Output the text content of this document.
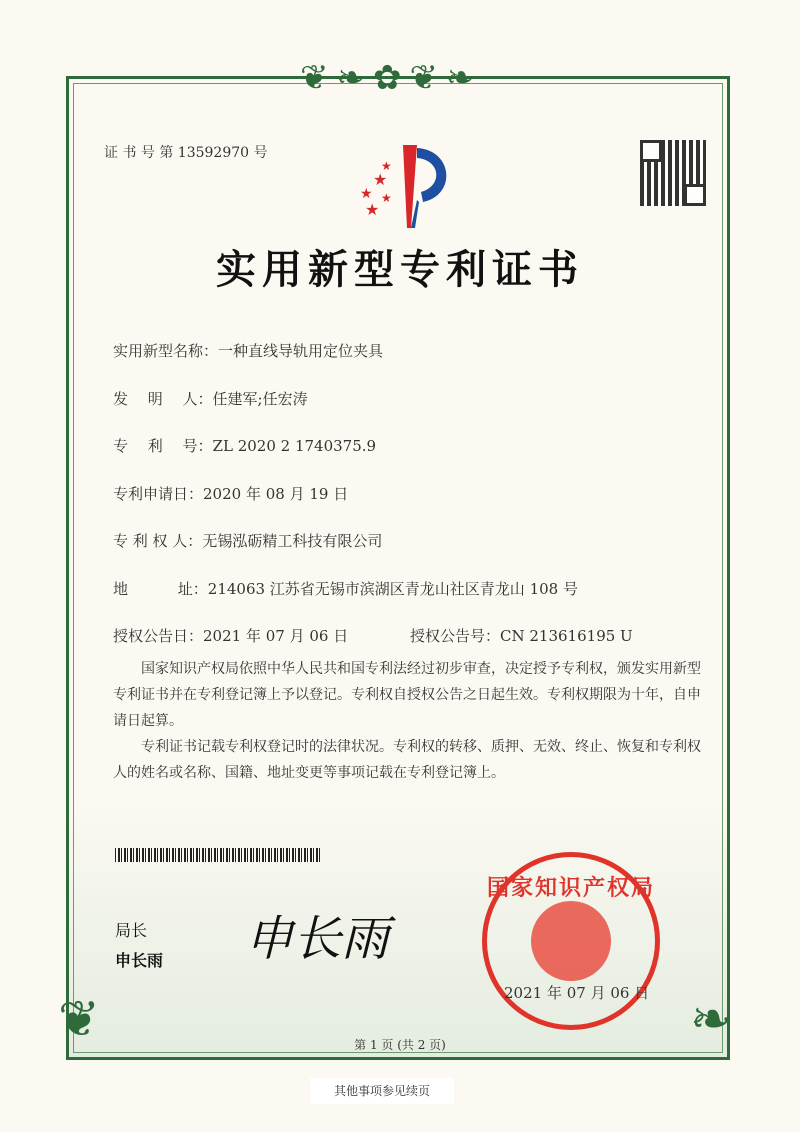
❦❧✿❦❧
❦	❧
证 书 号 第 13592970 号
★
★
★
★
★
实用新型专利证书
实用新型名称：一种直线导轨用定位夹具
发　 明　 人：任建军;任宏涛
专　 利　 号：ZL 2020 2 1740375.9
专利申请日：2020 年 08 月 19 日
专 利 权 人：无锡泓砺精工科技有限公司
地　　　 址：214063 江苏省无锡市滨湖区青龙山社区青龙山 108 号
授权公告日：2021 年 07 月 06 日	授权公告号：CN 213616195 U
国家知识产权局依照中华人民共和国专利法经过初步审查，决定授予专利权，颁发实用新型专利证书并在专利登记簿上予以登记。专利权自授权公告之日起生效。专利权期限为十年，自申请日起算。
专利证书记载专利权登记时的法律状况。专利权的转移、质押、无效、终止、恢复和专利权人的姓名或名称、国籍、地址变更等事项记载在专利登记簿上。
局长
申长雨 申长雨
国家知识产权局
2021 年 07 月 06 日
第 1 页 (共 2 页)
其他事项参见续页
